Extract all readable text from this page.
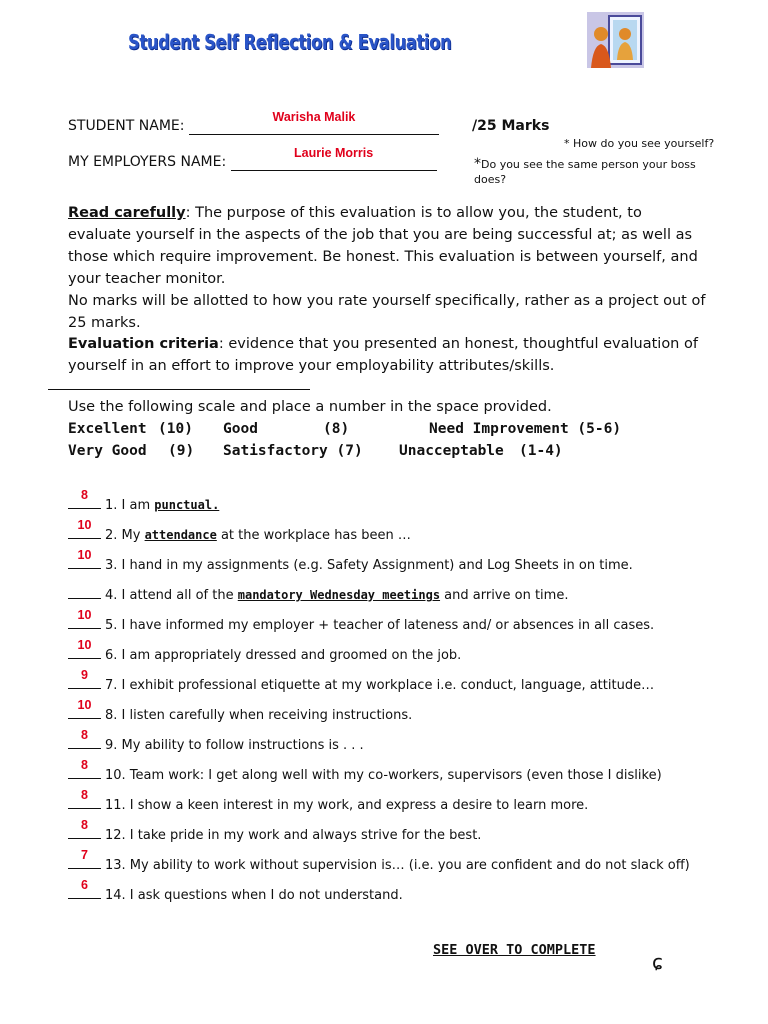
Student Self Reflection & Evaluation
STUDENT NAME:
Warisha Malik

/25 Marks
* How do you see yourself?
MY EMPLOYERS NAME:
Laurie Morris

*Do you see the same person your boss
does?
Read carefully: The purpose of this evaluation is to allow you, the student, to evaluate yourself in the aspects of the job that you are being successful at; as well as those which require improvement. Be honest. This evaluation is between yourself, and your teacher monitor.
No marks will be allotted to how you rate yourself specifically, rather as a project out of 25 marks.
Evaluation criteria: evidence that you presented an honest, thoughtful evaluation of yourself in an effort to improve your employability attributes/skills.
Use the following scale and place a number in the space provided.
Excellent (10) Good	(8)	Need Improvement (5-6)
Very Good (9) Satisfactory (7)	Unacceptable (1-4)
8
1. I am punctual.
10
2. My attendance at the workplace has been …
10
3. I hand in my assignments (e.g. Safety Assignment) and Log Sheets in on time.
4. I attend all of the mandatory Wednesday meetings and arrive on time.
10
5. I have informed my employer + teacher of lateness and/ or absences in all cases.
10
6. I am appropriately dressed and groomed on the job.
9
7. I exhibit professional etiquette at my workplace i.e. conduct, language, attitude…
10
8. I listen carefully when receiving instructions.
8
9. My ability to follow instructions is . . .
8
10. Team work: I get along well with my co-workers, supervisors (even those I dislike)
8
11. I show a keen interest in my work, and express a desire to learn more.
8
12. I take pride in my work and always strive for the best.
7
13. My ability to work without supervision is… (i.e. you are confident and do not slack off)
6
14. I ask questions when I do not understand.
SEE OVER TO COMPLETE	ɕ
